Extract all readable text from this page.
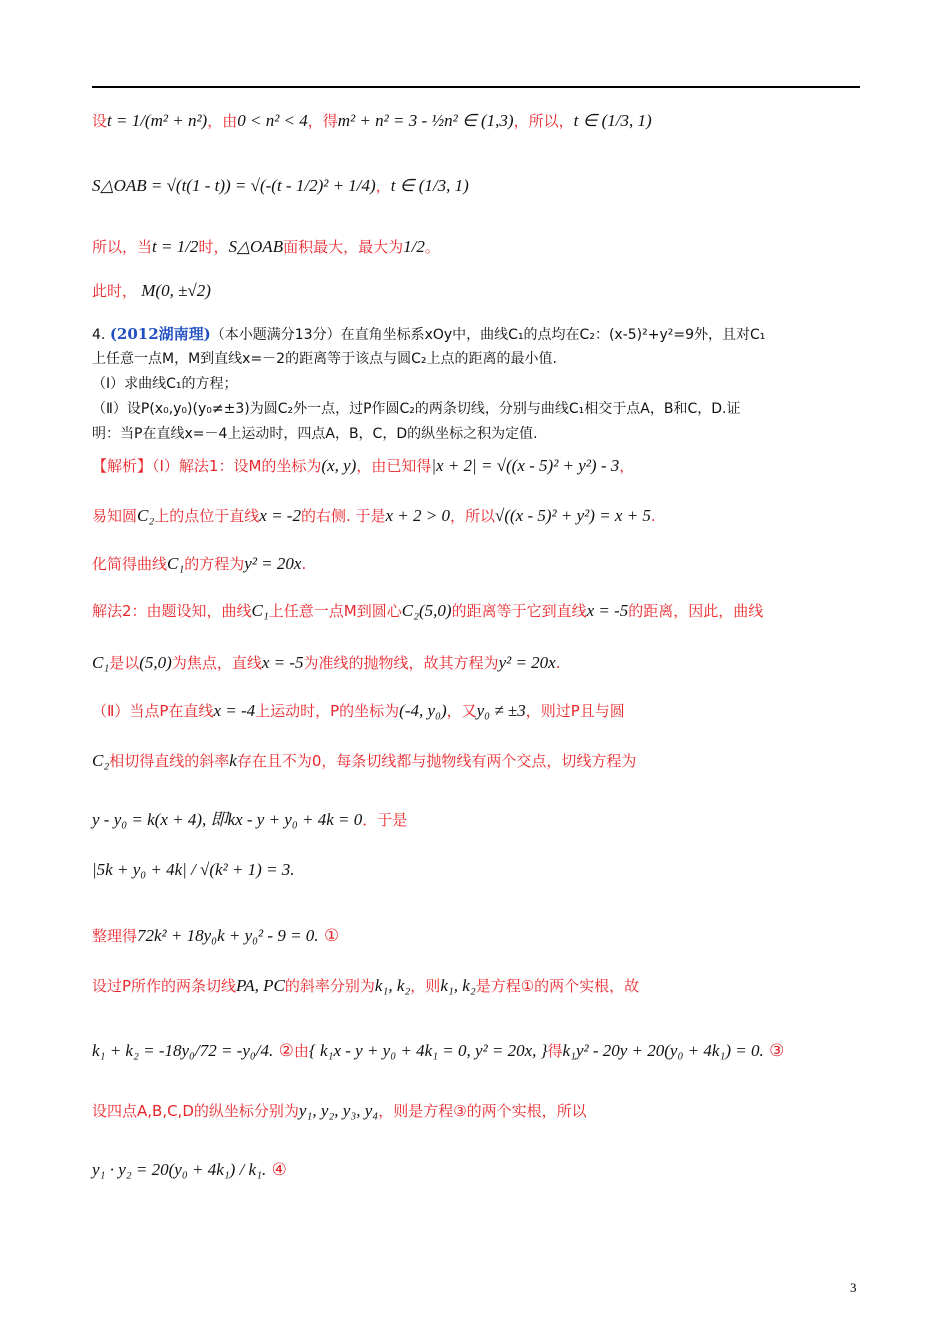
设t = 1/(m² + n²)，由0 < n² < 4，得m² + n² = 3 - ½n² ∈ (1,3)，所以，t ∈ (1/3, 1)
S△OAB = √(t(1 - t)) = √(-(t - 1/2)² + 1/4)，t ∈ (1/3, 1)
所以，当t = 1/2时，S△OAB面积最大，最大为1/2。
此时， M(0, ±√2)
4. (2012湖南理)（本小题满分13分）在直角坐标系xOy中，曲线C₁的点均在C₂：(x-5)²+y²=9外，且对C₁
上任意一点M，M到直线x=－2的距离等于该点与圆C₂上点的距离的最小值.
（Ⅰ）求曲线C₁的方程；
（Ⅱ）设P(x₀,y₀)(y₀≠±3)为圆C₂外一点，过P作圆C₂的两条切线，分别与曲线C₁相交于点A，B和C，D.证
明：当P在直线x=－4上运动时，四点A，B，C，D的纵坐标之积为定值.
【解析】（Ⅰ）解法1：设M的坐标为(x, y)，由已知得|x + 2| = √((x - 5)² + y²) - 3，
易知圆C₂上的点位于直线x = -2的右侧. 于是x + 2 > 0，所以√((x - 5)² + y²) = x + 5.
化简得曲线C₁的方程为y² = 20x.
解法2：由题设知，曲线C₁上任意一点M到圆心C₂(5,0)的距离等于它到直线x = -5的距离，因此，曲线
C₁是以(5,0)为焦点，直线x = -5为准线的抛物线，故其方程为y² = 20x.
（Ⅱ）当点P在直线x = -4上运动时，P的坐标为(-4, y₀)，又y₀ ≠ ±3，则过P且与圆
C₂相切得直线的斜率k存在且不为0，每条切线都与抛物线有两个交点，切线方程为
y - y₀ = k(x + 4), 即kx - y + y₀ + 4k = 0．于是
|5k + y₀ + 4k| / √(k² + 1) = 3.
整理得72k² + 18y₀k + y₀² - 9 = 0. ①
设过P所作的两条切线PA, PC的斜率分别为k₁, k₂，则k₁, k₂是方程①的两个实根，故
k₁ + k₂ = -18y₀/72 = -y₀/4. ②由{ k₁x - y + y₀ + 4k₁ = 0, y² = 20x, }得k₁y² - 20y + 20(y₀ + 4k₁) = 0. ③
设四点A,B,C,D的纵坐标分别为y₁, y₂, y₃, y₄，则是方程③的两个实根，所以
y₁ · y₂ = 20(y₀ + 4k₁) / k₁. ④
3
